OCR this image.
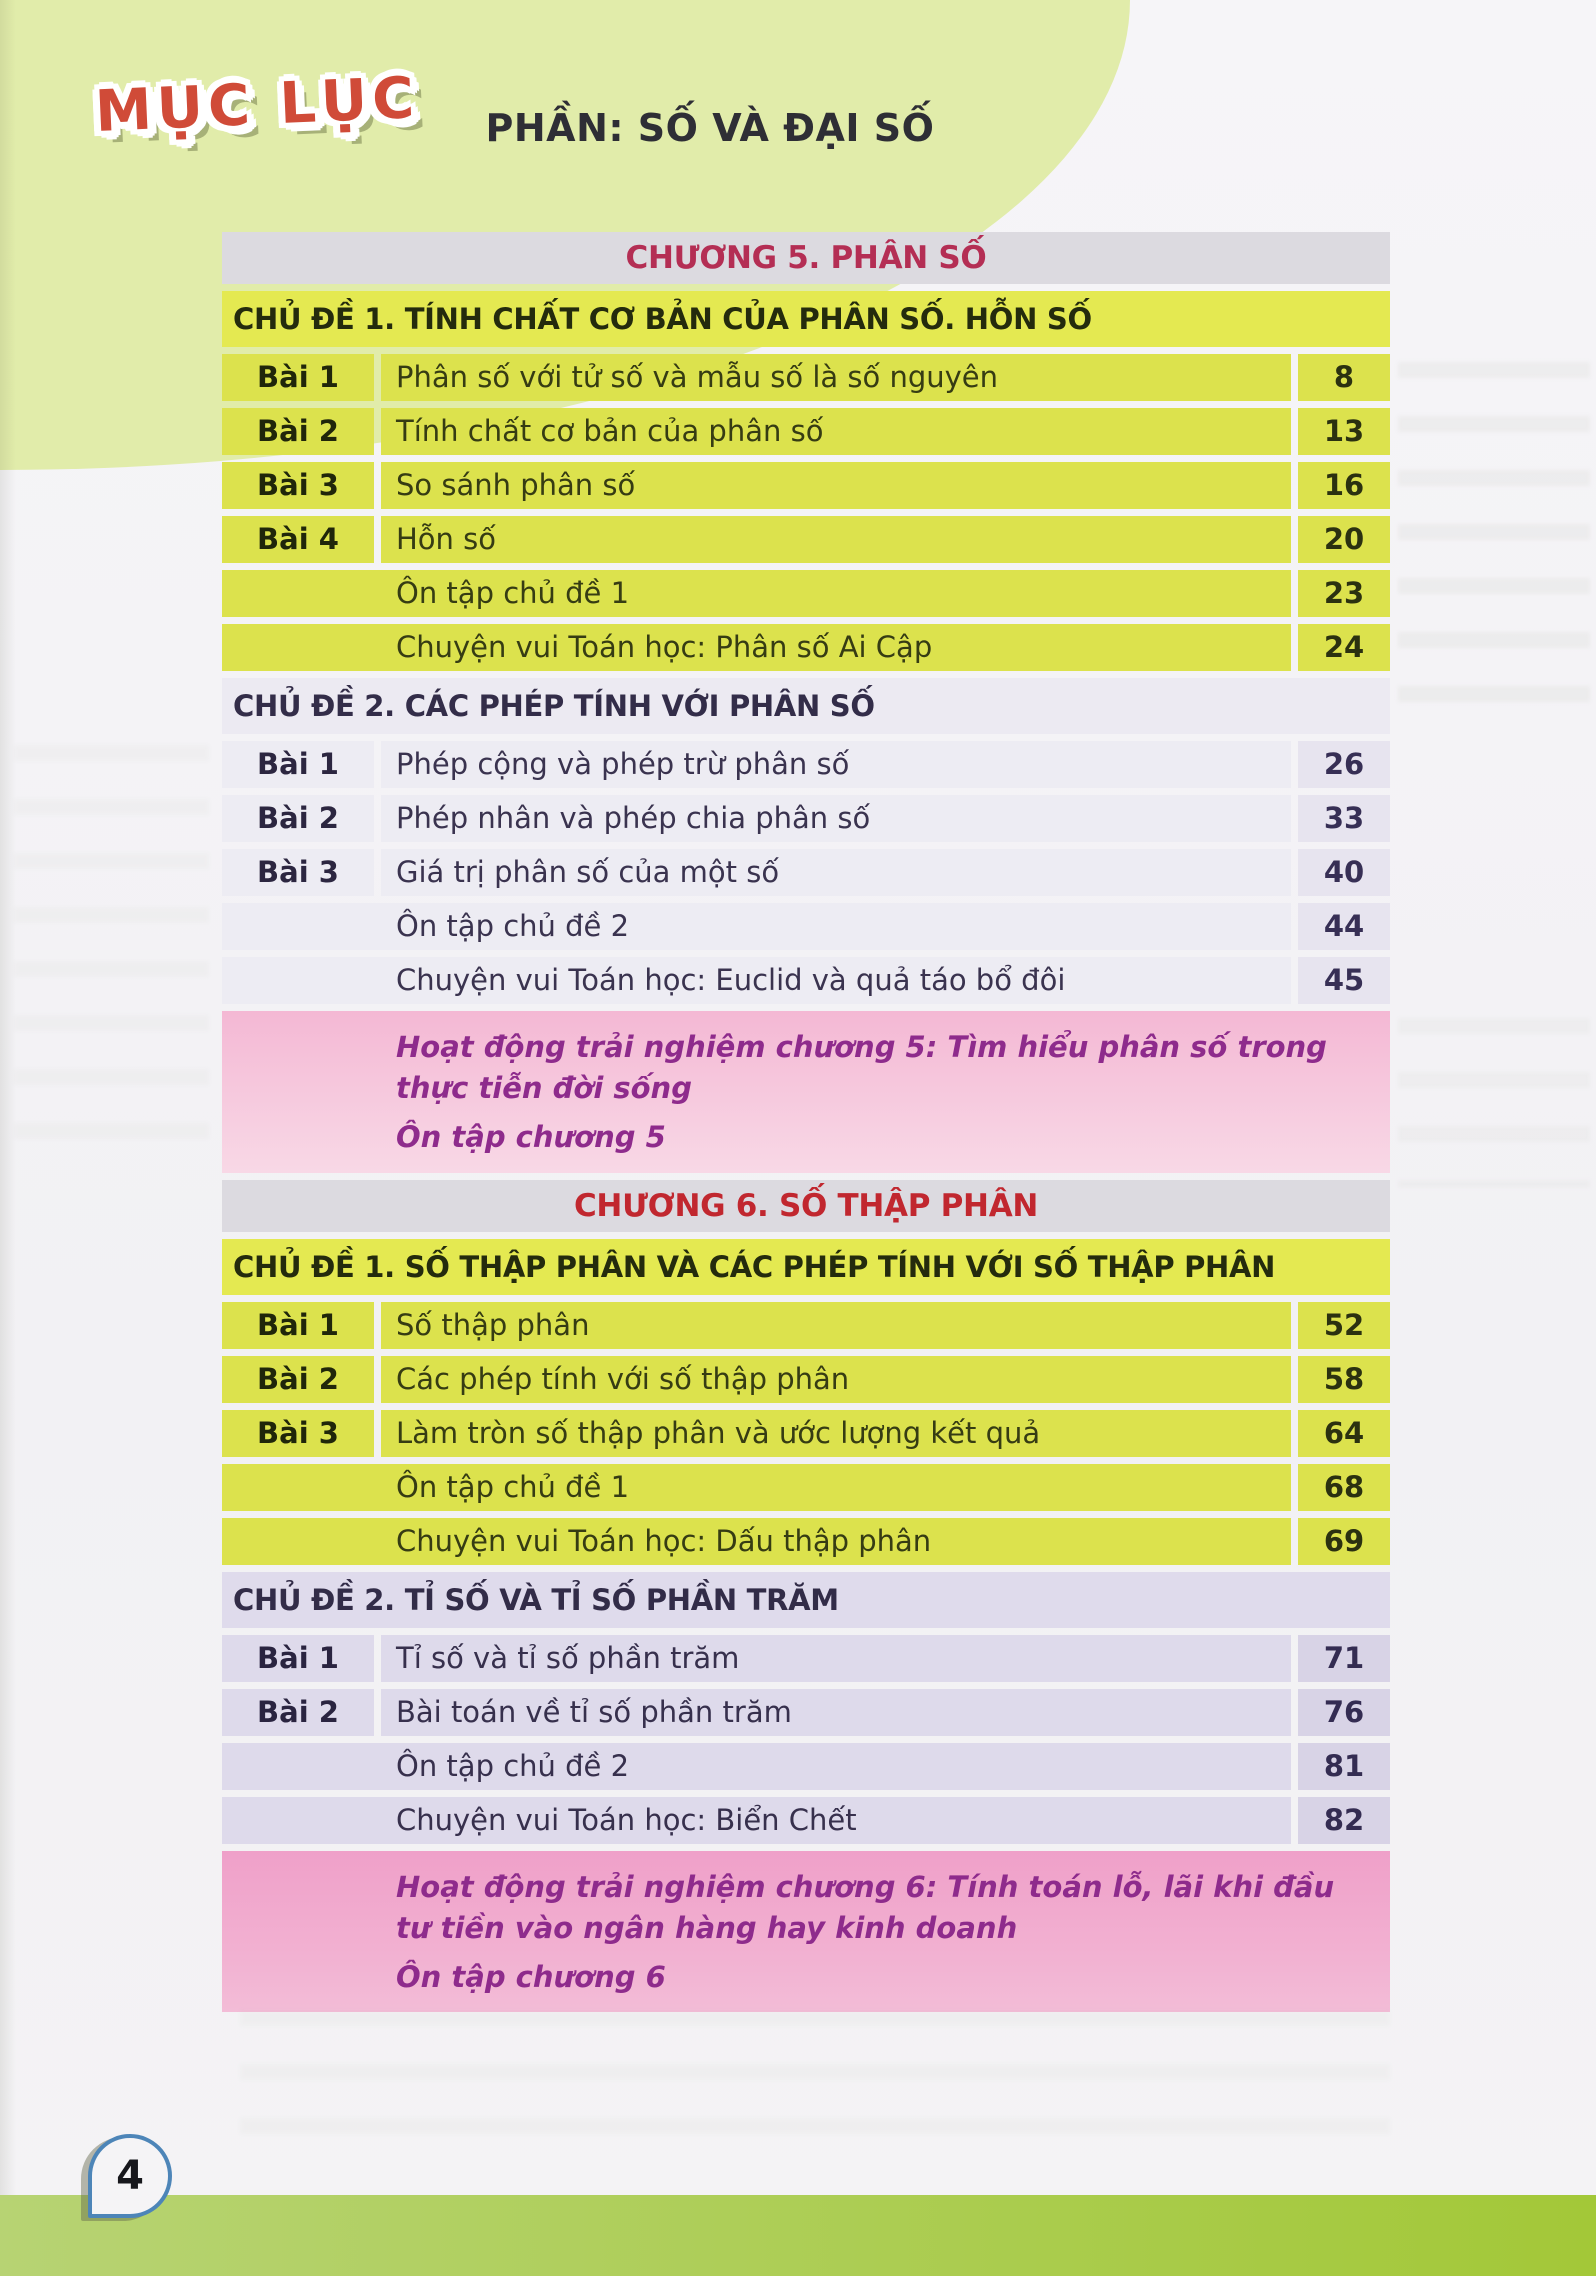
MỤC LỤC	PHẦN: SỐ VÀ ĐẠI SỐ
CHƯƠNG 5. PHÂN SỐ
CHỦ ĐỀ 1. TÍNH CHẤT CƠ BẢN CỦA PHÂN SỐ. HỖN SỐ
Bài 1	Phân số với tử số và mẫu số là số nguyên	8
Bài 2	Tính chất cơ bản của phân số	13
Bài 3	So sánh phân số	16
Bài 4	Hỗn số	20
Ôn tập chủ đề 1	23
Chuyện vui Toán học: Phân số Ai Cập	24
CHỦ ĐỀ 2. CÁC PHÉP TÍNH VỚI PHÂN SỐ
Bài 1	Phép cộng và phép trừ phân số	26
Bài 2	Phép nhân và phép chia phân số	33
Bài 3	Giá trị phân số của một số	40
Ôn tập chủ đề 2	44
Chuyện vui Toán học: Euclid và quả táo bổ đôi	45
Hoạt động trải nghiệm chương 5: Tìm hiểu phân số trong thực tiễn đời sống
Ôn tập chương 5
CHƯƠNG 6. SỐ THẬP PHÂN
CHỦ ĐỀ 1. SỐ THẬP PHÂN VÀ CÁC PHÉP TÍNH VỚI SỐ THẬP PHÂN
Bài 1	Số thập phân	52
Bài 2	Các phép tính với số thập phân	58
Bài 3	Làm tròn số thập phân và ước lượng kết quả	64
Ôn tập chủ đề 1	68
Chuyện vui Toán học: Dấu thập phân	69
CHỦ ĐỀ 2. TỈ SỐ VÀ TỈ SỐ PHẦN TRĂM
Bài 1	Tỉ số và tỉ số phần trăm	71
Bài 2	Bài toán về tỉ số phần trăm	76
Ôn tập chủ đề 2	81
Chuyện vui Toán học: Biển Chết	82
Hoạt động trải nghiệm chương 6: Tính toán lỗ, lãi khi đầu tư tiền vào ngân hàng hay kinh doanh
Ôn tập chương 6
4
